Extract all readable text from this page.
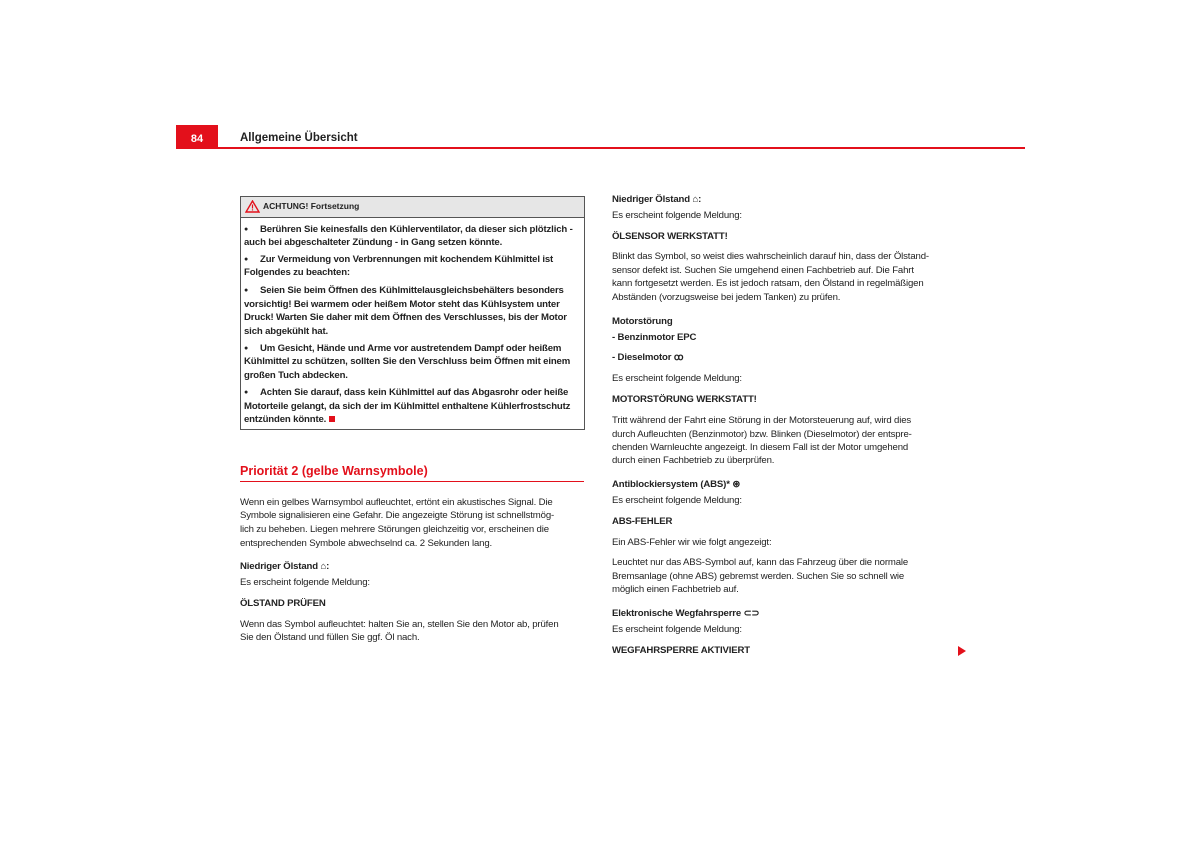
84	Allgemeine Übersicht
ACHTUNG! Fortsetzung
Priorität 2 (gelbe Warnsymbole)
Berühren Sie keinesfalls den Kühlerventilator, da dieser sich plötzlich -
●
auch bei abgeschalteter Zündung - in Gang setzen könnte.
Zur Vermeidung von Verbrennungen mit kochendem Kühlmittel ist
●
Folgendes zu beachten:
Seien Sie beim Öffnen des Kühlmittelausgleichsbehälters besonders
●
vorsichtig! Bei warmem oder heißem Motor steht das Kühlsystem unter
Druck! Warten Sie daher mit dem Öffnen des Verschlusses, bis der Motor
sich abgekühlt hat.
Um Gesicht, Hände und Arme vor austretendem Dampf oder heißem
●
Kühlmittel zu schützen, sollten Sie den Verschluss beim Öffnen mit einem
großen Tuch abdecken.
Achten Sie darauf, dass kein Kühlmittel auf das Abgasrohr oder heiße
●
Motorteile gelangt, da sich der im Kühlmittel enthaltene Kühlerfrostschutz
entzünden könnte.
Wenn ein gelbes Warnsymbol aufleuchtet, ertönt ein akustisches Signal. Die
Symbole signalisieren eine Gefahr. Die angezeigte Störung ist schnellstmög-
lich zu beheben. Liegen mehrere Störungen gleichzeitig vor, erscheinen die
entsprechenden Symbole abwechselnd ca. 2 Sekunden lang.
Niedriger Ölstand ⌂:
Es erscheint folgende Meldung:
ÖLSTAND PRÜFEN
Wenn das Symbol aufleuchtet: halten Sie an, stellen Sie den Motor ab, prüfen
Sie den Ölstand und füllen Sie ggf. Öl nach.
Niedriger Ölstand ⌂:
Es erscheint folgende Meldung:
ÖLSENSOR WERKSTATT!
Blinkt das Symbol, so weist dies wahrscheinlich darauf hin, dass der Ölstand-
sensor defekt ist. Suchen Sie umgehend einen Fachbetrieb auf. Die Fahrt
kann fortgesetzt werden. Es ist jedoch ratsam, den Ölstand in regelmäßigen
Abständen (vorzugsweise bei jedem Tanken) zu prüfen.
Motorstörung
- Benzinmotor EPC
- Dieselmotor ꝏ
Es erscheint folgende Meldung:
MOTORSTÖRUNG WERKSTATT!
Tritt während der Fahrt eine Störung in der Motorsteuerung auf, wird dies
durch Aufleuchten (Benzinmotor) bzw. Blinken (Dieselmotor) der entspre-
chenden Warnleuchte angezeigt. In diesem Fall ist der Motor umgehend
durch einen Fachbetrieb zu überprüfen.
Antiblockiersystem (ABS)* ⊛
Es erscheint folgende Meldung:
ABS-FEHLER
Ein ABS-Fehler wir wie folgt angezeigt:
Leuchtet nur das ABS-Symbol auf, kann das Fahrzeug über die normale
Bremsanlage (ohne ABS) gebremst werden. Suchen Sie so schnell wie
möglich einen Fachbetrieb auf.
Elektronische Wegfahrsperre ⊂⊃
Es erscheint folgende Meldung:
WEGFAHRSPERRE AKTIVIERT
